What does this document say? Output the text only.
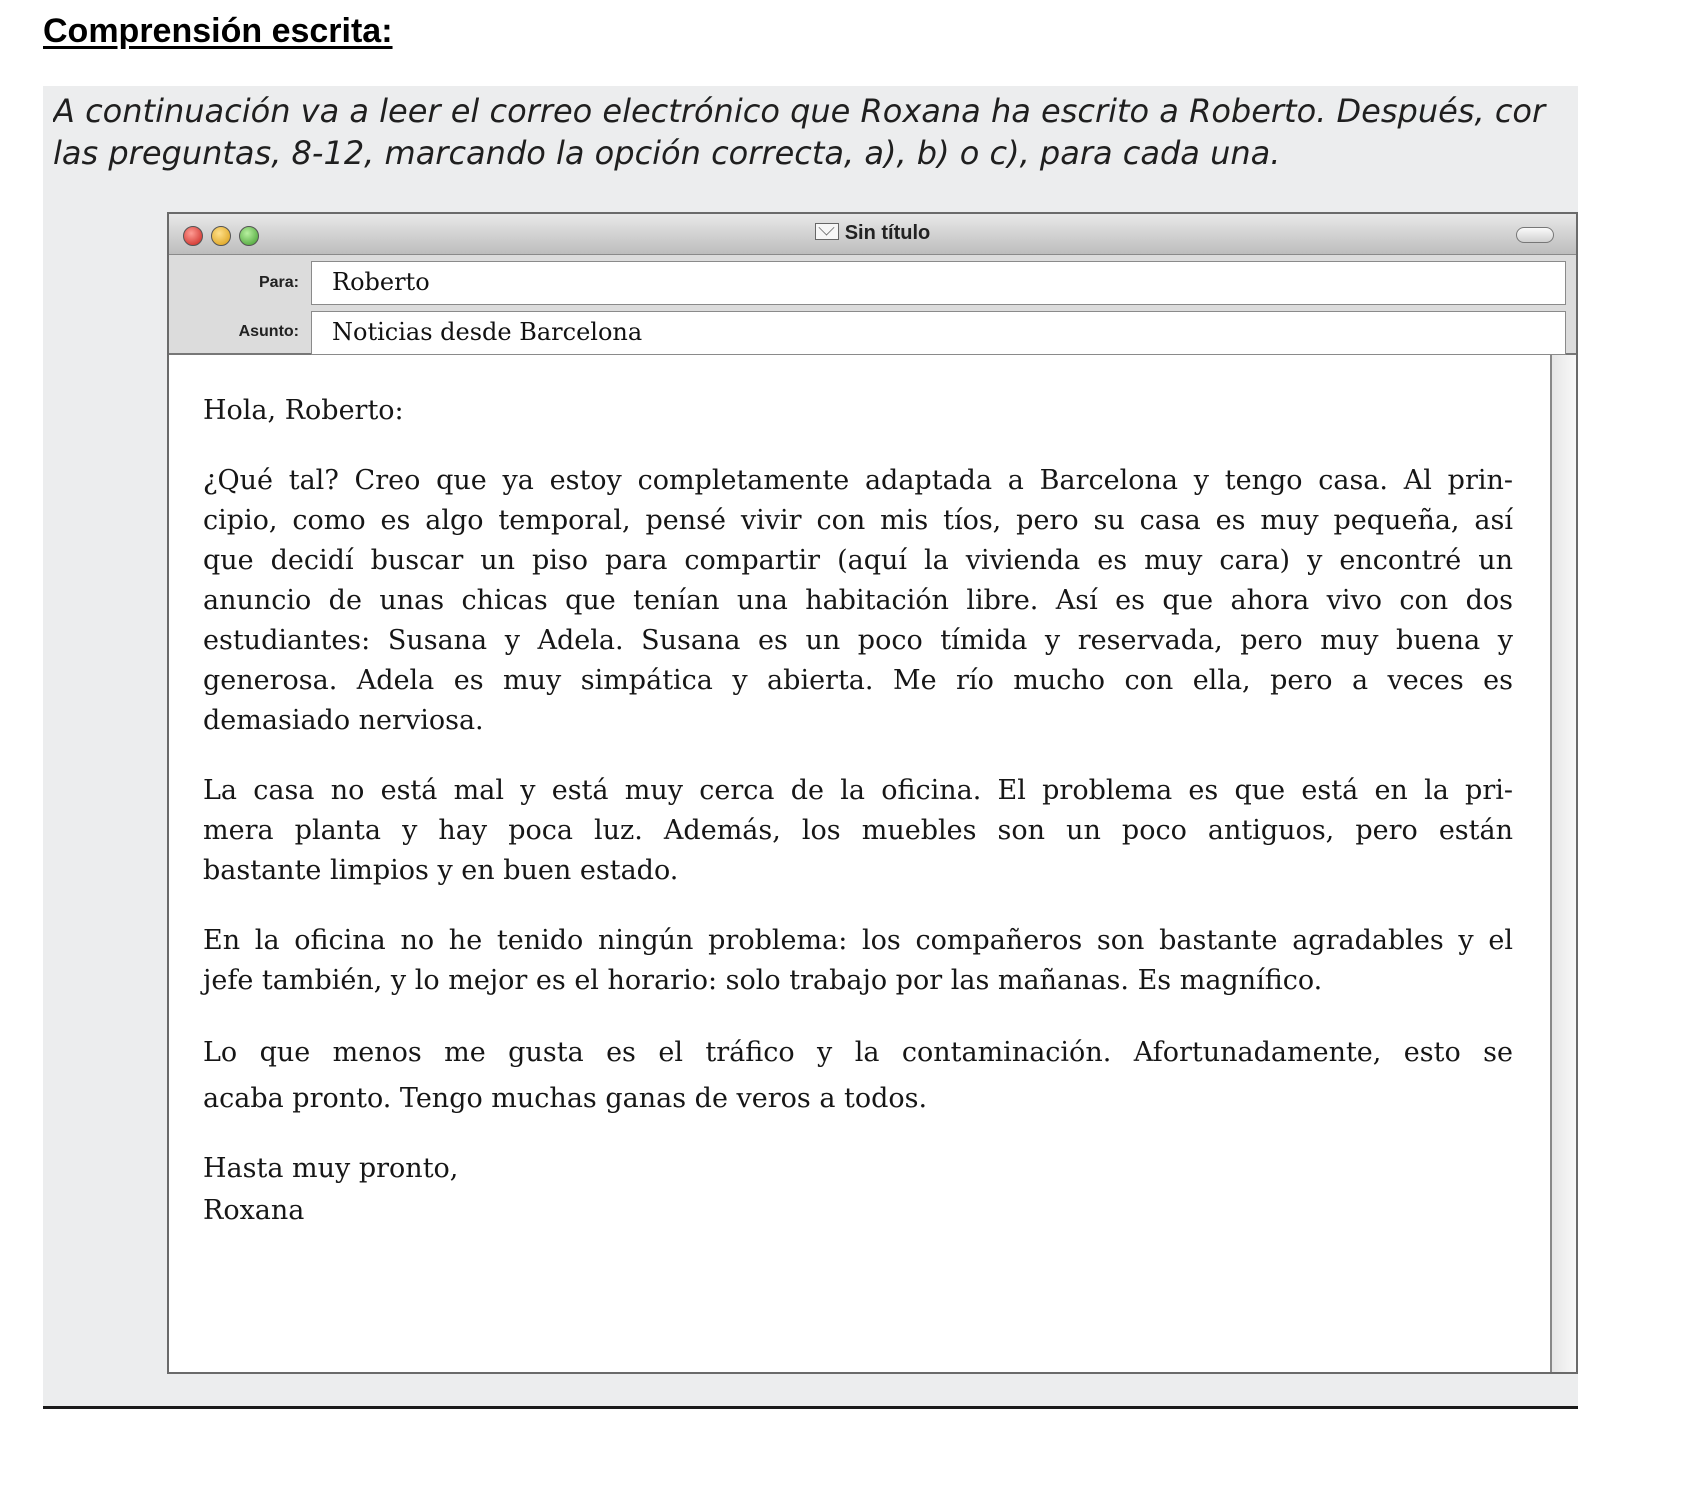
Comprensión escrita:
A continuación va a leer el correo electrónico que Roxana ha escrito a Roberto. Después, cor
las preguntas, 8-12, marcando la opción correcta, a), b) o c), para cada una.
Sin título
Para:	Roberto
Asunto:	Noticias desde Barcelona
Hola, Roberto:
¿Qué tal? Creo que ya estoy completamente adaptada a Barcelona y tengo casa. Al prin-
cipio, como es algo temporal, pensé vivir con mis tíos, pero su casa es muy pequeña, así
que decidí buscar un piso para compartir (aquí la vivienda es muy cara) y encontré un
anuncio de unas chicas que tenían una habitación libre. Así es que ahora vivo con dos
estudiantes: Susana y Adela. Susana es un poco tímida y reservada, pero muy buena y
generosa. Adela es muy simpática y abierta. Me río mucho con ella, pero a veces es
demasiado nerviosa.
La casa no está mal y está muy cerca de la oficina. El problema es que está en la pri-
mera planta y hay poca luz. Además, los muebles son un poco antiguos, pero están
bastante limpios y en buen estado.
En la oficina no he tenido ningún problema: los compañeros son bastante agradables y el
jefe también, y lo mejor es el horario: solo trabajo por las mañanas. Es magnífico.
Lo que menos me gusta es el tráfico y la contaminación. Afortunadamente, esto se
acaba pronto. Tengo muchas ganas de veros a todos.
Hasta muy pronto,
Roxana
